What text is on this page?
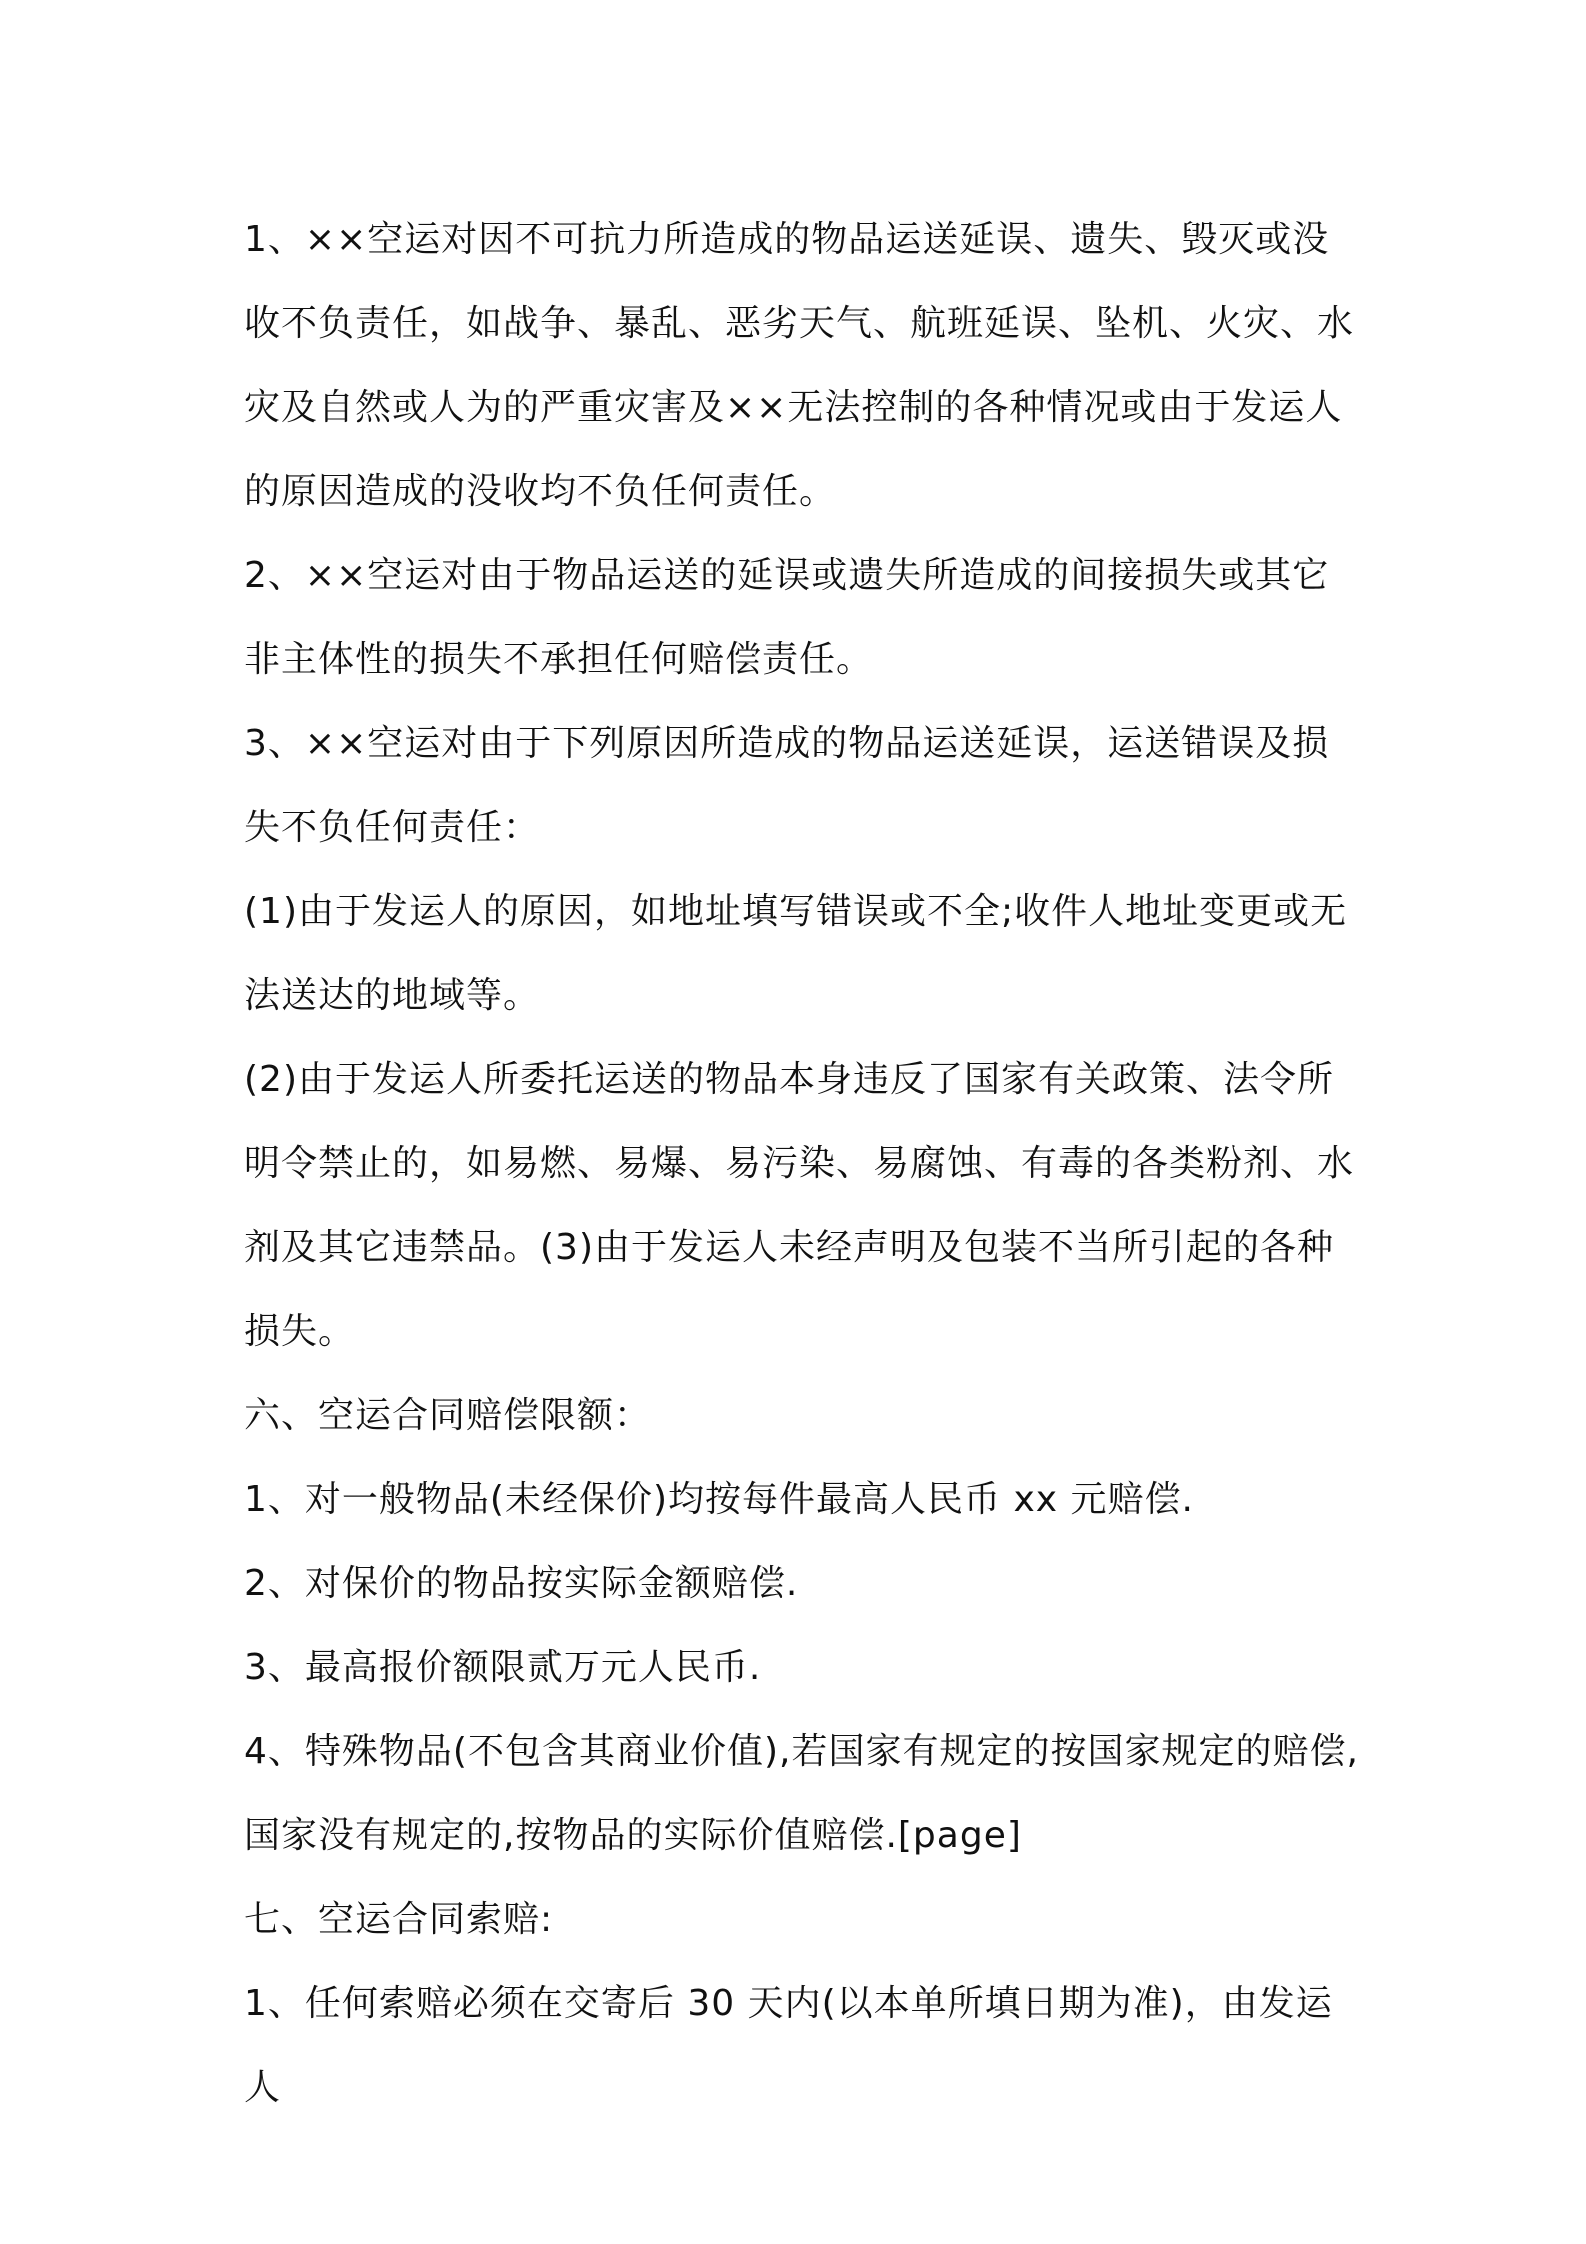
1、××空运对因不可抗力所造成的物品运送延误、遗失、毁灭或没收不负责任，如战争、暴乱、恶劣天气、航班延误、坠机、火灾、水灾及自然或人为的严重灾害及××无法控制的各种情况或由于发运人的原因造成的没收均不负任何责任。

2、××空运对由于物品运送的延误或遗失所造成的间接损失或其它非主体性的损失不承担任何赔偿责任。

3、××空运对由于下列原因所造成的物品运送延误，运送错误及损失不负任何责任：

(1)由于发运人的原因，如地址填写错误或不全;收件人地址变更或无法送达的地域等。

(2)由于发运人所委托运送的物品本身违反了国家有关政策、法令所明令禁止的，如易燃、易爆、易污染、易腐蚀、有毒的各类粉剂、水剂及其它违禁品。(3)由于发运人未经声明及包装不当所引起的各种损失。

六、空运合同赔偿限额：

1、对一般物品(未经保价)均按每件最高人民币 xx 元赔偿.

2、对保价的物品按实际金额赔偿.

3、最高报价额限贰万元人民币.

4、特殊物品(不包含其商业价值),若国家有规定的按国家规定的赔偿,国家没有规定的,按物品的实际价值赔偿.[page]

七、空运合同索赔:

1、任何索赔必须在交寄后 30 天内(以本单所填日期为准)，由发运人
